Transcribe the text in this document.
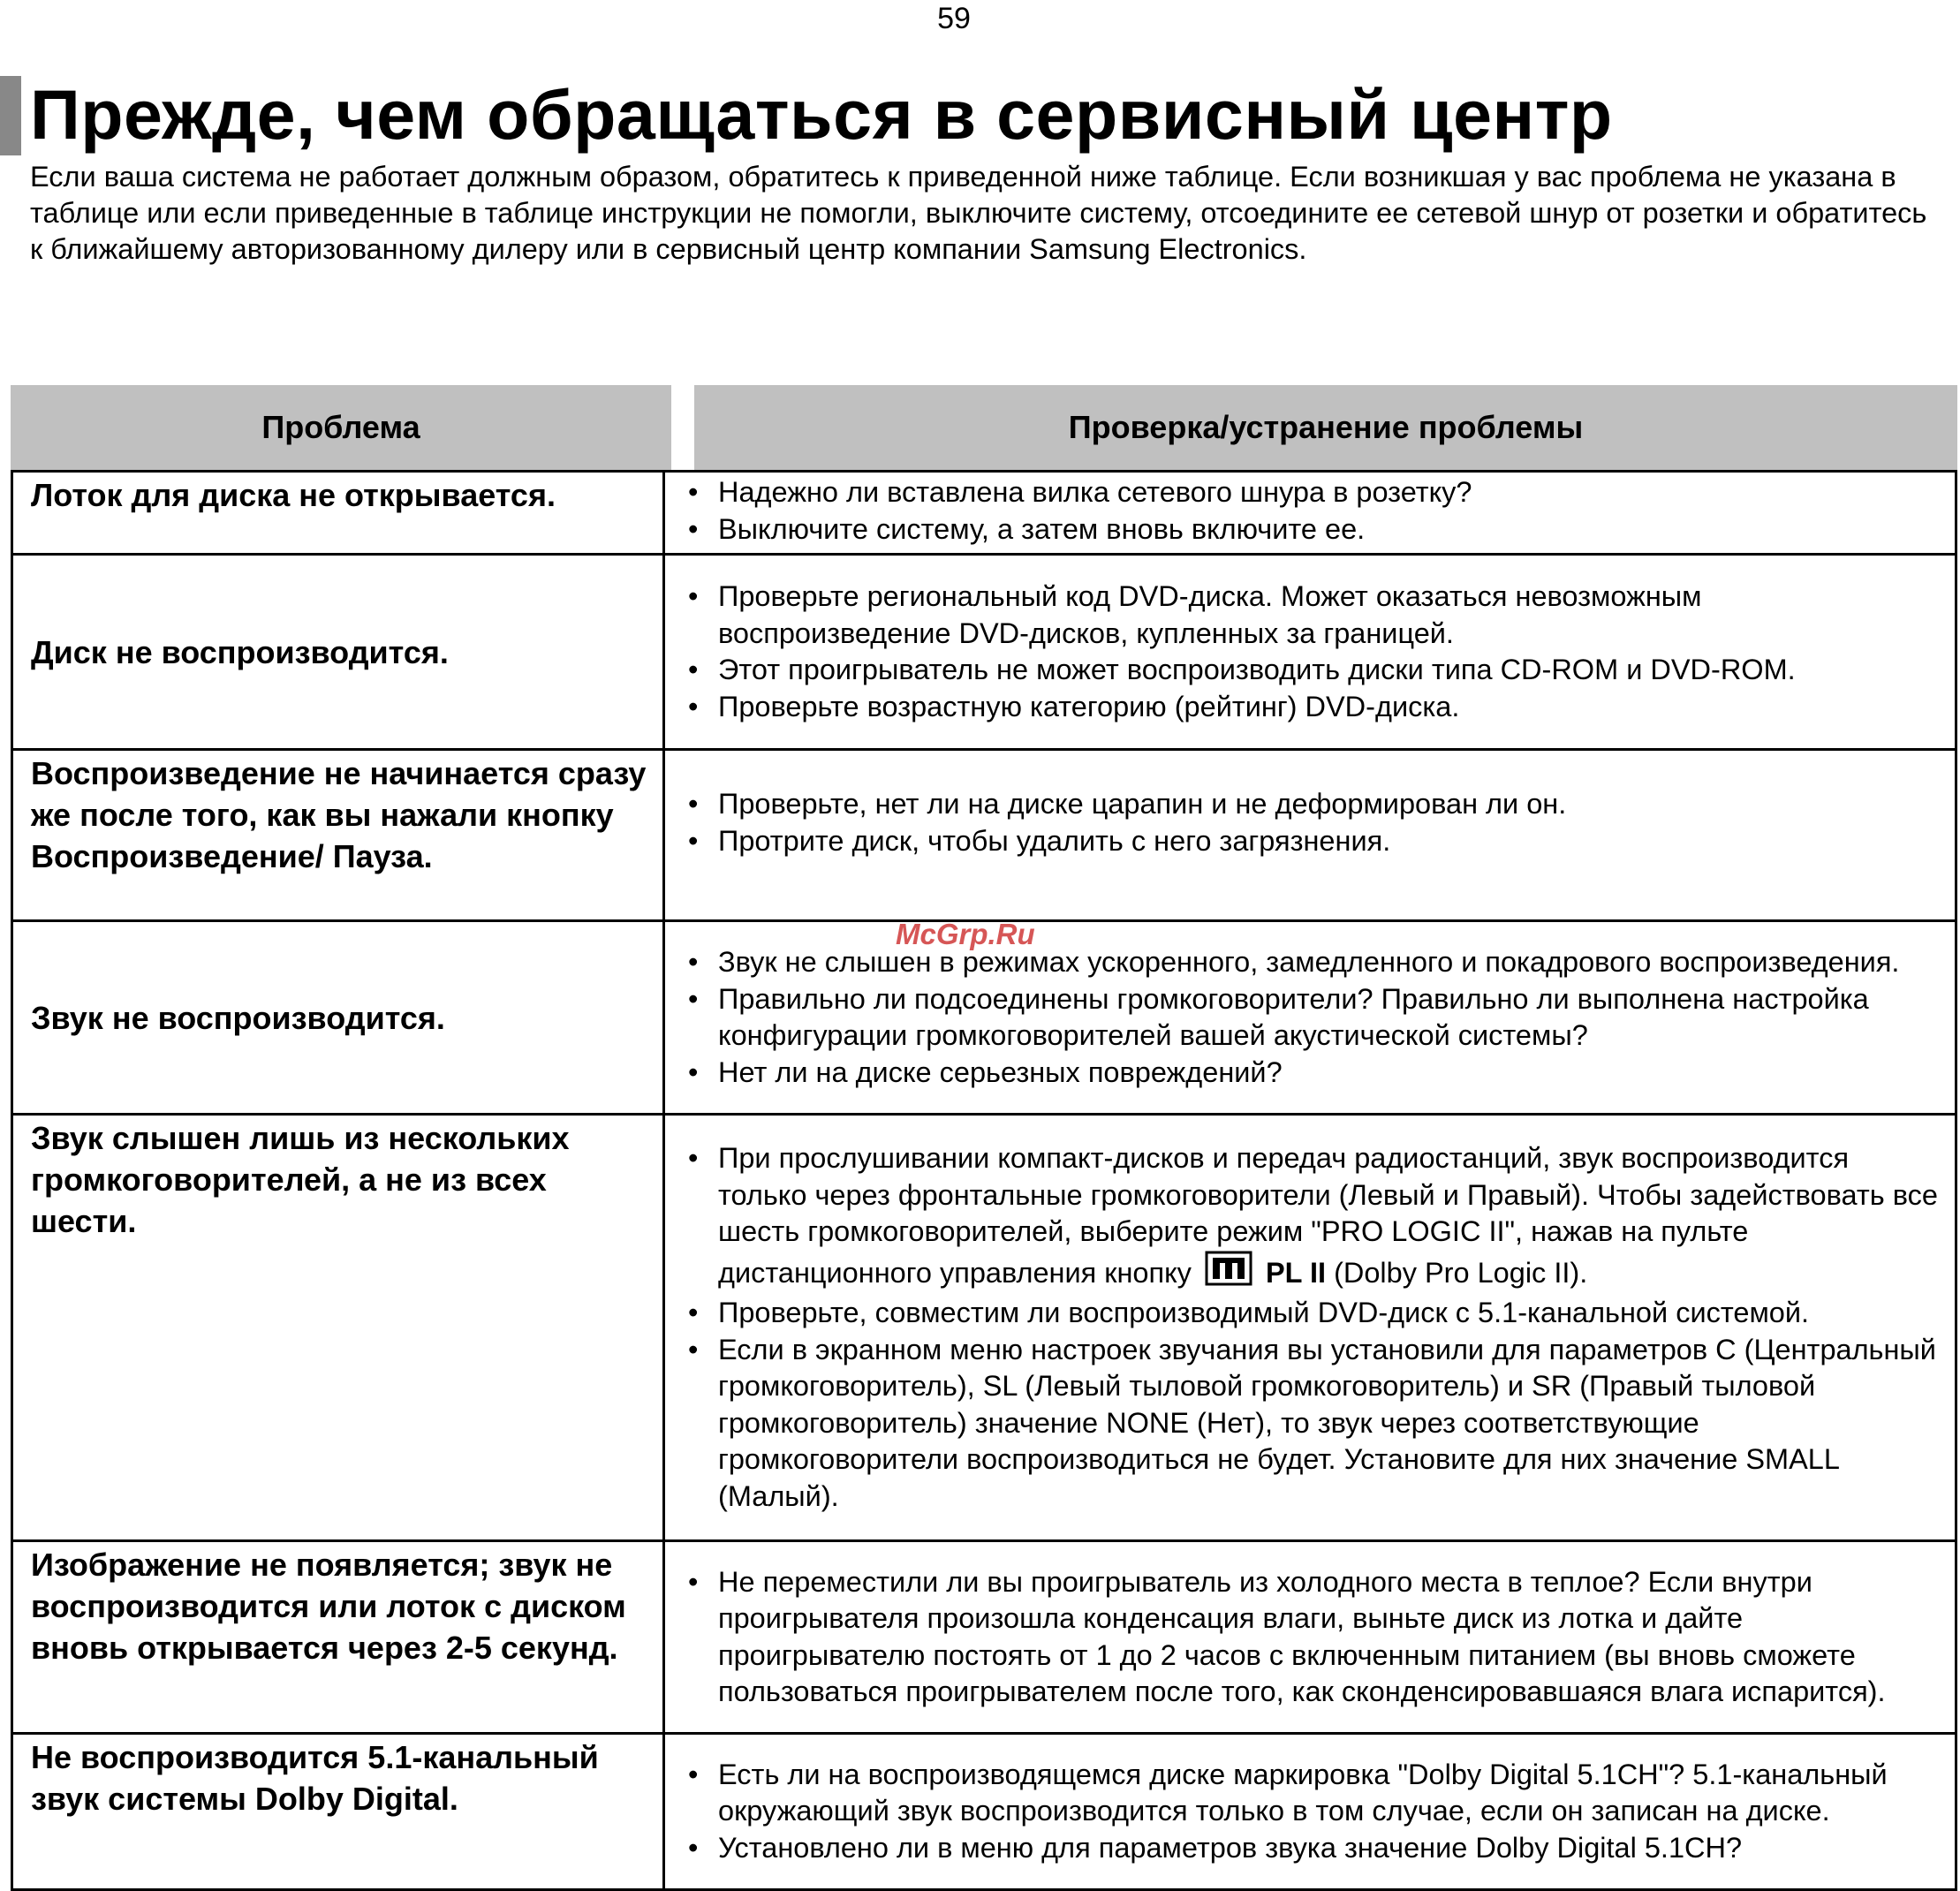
59
Прежде, чем обращаться в сервисный центр

Если ваша система не работает должным образом, обратитесь к приведенной ниже таблице. Если возникшая у вас проблема не указана в таблице или если приведенные в таблице инструкции не помогли, выключите систему, отсоедините ее сетевой шнур от розетки и обратитесь к ближайшему авторизованному дилеру или в сервисный центр компании Samsung Electronics.

Проблема	Проверка/устранение проблемы
Лоток для диска не открывается.
•	Надежно ли вставлена вилка сетевого шнура в розетку?
• Выключите систему, а затем вновь включите ее.
Диск не воспроизводится.
• Проверьте региональный код DVD-диска. Может оказаться невозможным воспроизведение DVD-дисков, купленных за границей.
• Этот проигрыватель не может воспроизводить диски типа CD-ROM и DVD-ROM.
• Проверьте возрастную категорию (рейтинг) DVD-диска.
Воспроизведение не начинается сразу же после того, как вы нажали кнопку Воспроизведение/ Пауза.
• Проверьте, нет ли на диске царапин и не деформирован ли он.
• Протрите диск, чтобы удалить с него загрязнения.
Звук не воспроизводится.
• Звук не слышен в режимах ускоренного, замедленного и покадрового воспроизведения.
• Правильно ли подсоединены громкоговорители? Правильно ли выполнена настройка конфигурации громкоговорителей вашей акустической системы?
• Нет ли на диске серьезных повреждений?
Звук слышен лишь из нескольких громкоговорителей, а не из всех шести.
• При прослушивании компакт-дисков и передач радиостанций, звук воспроизводится только через фронтальные громкоговорители (Левый и Правый). Чтобы задействовать все шесть громкоговорителей, выберите режим "PRO LOGIC II", нажав на пульте дистанционного управления кнопку	PL II (Dolby Pro Logic II).
• Проверьте, совместим ли воспроизводимый DVD-диск с 5.1-канальной системой.
• Если в экранном меню настроек звучания вы установили для параметров С (Центральный громкоговоритель), SL (Левый тыловой громкоговоритель) и SR (Правый тыловой громкоговоритель) значение NONE (Нет), то звук через соответствующие громкоговорители воспроизводиться не будет. Установите для них значение SMALL (Малый).
Изображение не появляется; звук не воспроизводится или лоток с диском вновь открывается через 2-5 секунд.
• Не переместили ли вы проигрыватель из холодного места в теплое? Если внутри проигрывателя произошла конденсация влаги, выньте диск из лотка и дайте проигрывателю постоять от 1 до 2 часов с включенным питанием (вы вновь сможете пользоваться проигрывателем после того, как сконденсировавшаяся влага испарится).
Не воспроизводится 5.1-канальный звук системы Dolby Digital.
• Есть ли на воспроизводящемся диске маркировка "Dolby Digital 5.1CH"? 5.1-канальный окружающий звук воспроизводится только в том случае, если он записан на диске.
• Установлено ли в меню для параметров звука значение Dolby Digital 5.1CH?
McGrp.Ru
